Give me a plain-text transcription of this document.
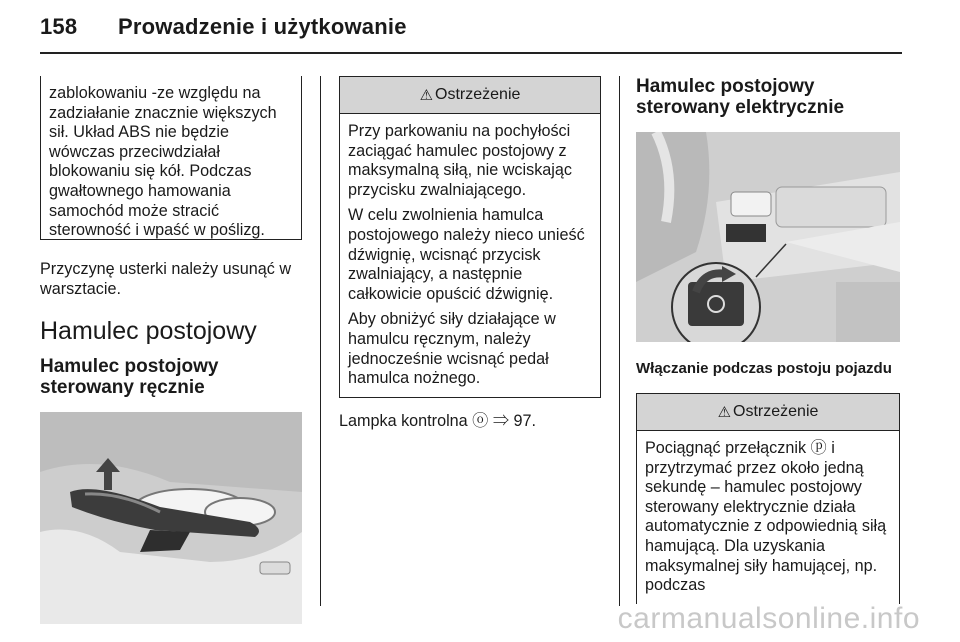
158 Prowadzenie i użytkowanie

zablokowaniu -ze względu na zadziałanie znacznie większych sił. Układ ABS nie będzie wówczas przeciwdziałał blokowaniu się kół. Podczas gwałtownego hamowania samochód może stracić sterowność i wpaść w poślizg.

Przyczynę usterki należy usunąć w warsztacie.

Hamulec postojowy
Hamulec postojowy sterowany ręcznie
⚠ Ostrzeżenie

Przy parkowaniu na pochyłości zaciągać hamulec postojowy z maksymalną siłą, nie wciskając przycisku zwalniającego.

W celu zwolnienia hamulca postojowego należy nieco unieść dźwignię, wcisnąć przycisk zwalniający, a następnie całkowicie opuścić dźwignię.

Aby obniżyć siły działające w hamulcu ręcznym, należy jednocześnie wcisnąć pedał hamulca nożnego.

Lampka kontrolna ⓞ ⇒ 97.

Hamulec postojowy sterowany elektrycznie
Włączanie podczas postoju pojazdu
⚠ Ostrzeżenie

Pociągnąć przełącznik ⓟ i przytrzymać przez około jedną sekundę – hamulec postojowy sterowany elektrycznie działa automatycznie z odpowiednią siłą hamującą. Dla uzyskania maksymalnej siły hamującej, np. podczas

carmanualsonline.info
